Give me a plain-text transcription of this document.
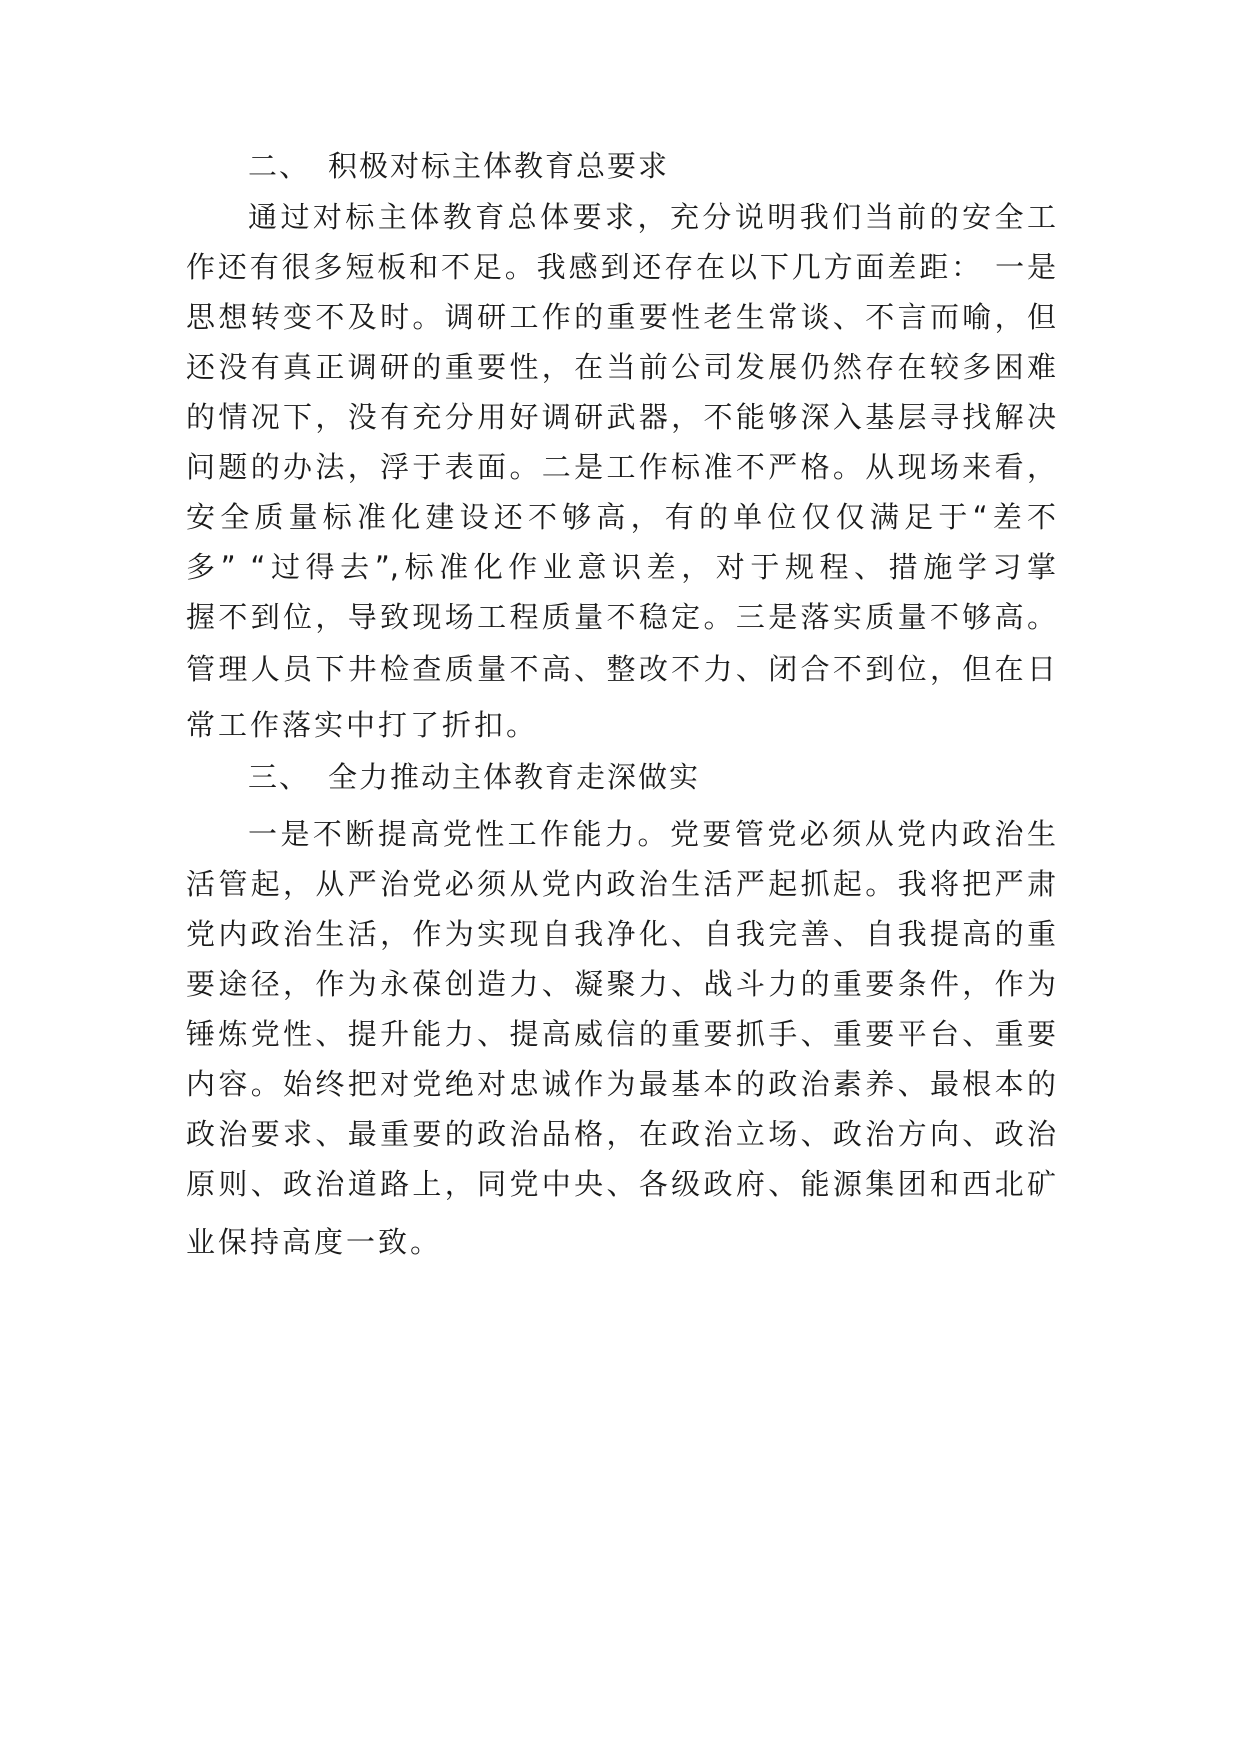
二、 积极对标主体教育总要求
通过对标主体教育总体要求，充分说明我们当前的安全工
作还有很多短板和不足。我感到还存在以下几方面差距： 一是
思想转变不及时。调研工作的重要性老生常谈、不言而喻，但
还没有真正调研的重要性，在当前公司发展仍然存在较多困难
的情况下，没有充分用好调研武器，不能够深入基层寻找解决
问题的办法，浮于表面。二是工作标准不严格。从现场来看，
安全质量标准化建设还不够高，有的单位仅仅满足于“差不
多” “过得去”,标准化作业意识差，对于规程、措施学习掌
握不到位，导致现场工程质量不稳定。三是落实质量不够高。
管理人员下井检查质量不高、整改不力、闭合不到位，但在日
常工作落实中打了折扣。
三、 全力推动主体教育走深做实
一是不断提高党性工作能力。党要管党必须从党内政治生
活管起，从严治党必须从党内政治生活严起抓起。我将把严肃
党内政治生活，作为实现自我净化、自我完善、自我提高的重
要途径，作为永葆创造力、凝聚力、战斗力的重要条件，作为
锤炼党性、提升能力、提高威信的重要抓手、重要平台、重要
内容。始终把对党绝对忠诚作为最基本的政治素养、最根本的
政治要求、最重要的政治品格，在政治立场、政治方向、政治
原则、政治道路上，同党中央、各级政府、能源集团和西北矿
业保持高度一致。
